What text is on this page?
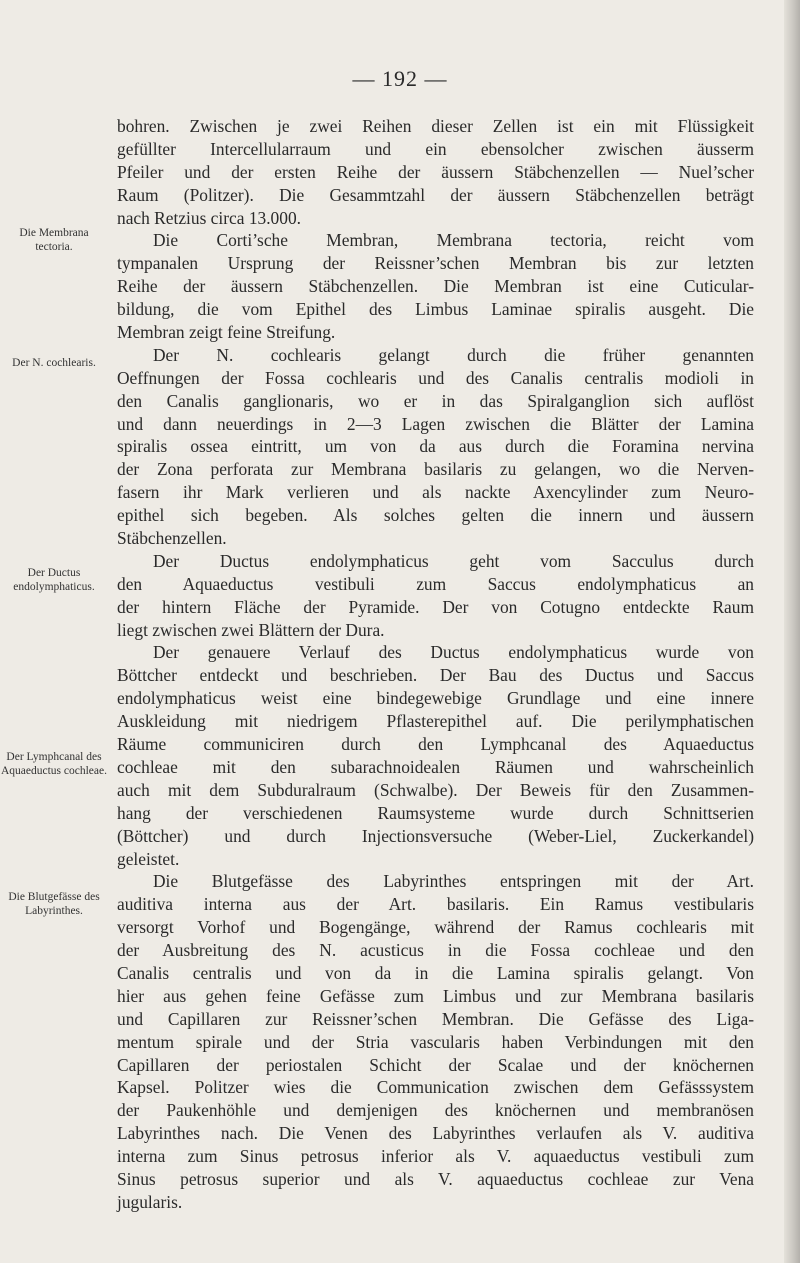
— 192 —
Die Membrana tectoria.
Der N. cochlearis.
Der Ductus endolymphaticus.
Der Lymphcanal des Aquaeductus cochleae.
Die Blutgefässe des Labyrinthes.
bohren. Zwischen je zwei Reihen dieser Zellen ist ein mit Flüssigkeit
gefüllter Intercellularraum und ein ebensolcher zwischen äusserm
Pfeiler und der ersten Reihe der äussern Stäbchenzellen — Nuel’scher
Raum (Politzer). Die Gesammtzahl der äussern Stäbchenzellen beträgt
nach Retzius circa 13.000.
Die Corti’sche Membran, Membrana tectoria, reicht vom
tympanalen Ursprung der Reissner’schen Membran bis zur letzten
Reihe der äussern Stäbchenzellen. Die Membran ist eine Cuticular-
bildung, die vom Epithel des Limbus Laminae spiralis ausgeht. Die
Membran zeigt feine Streifung.
Der N. cochlearis gelangt durch die früher genannten
Oeffnungen der Fossa cochlearis und des Canalis centralis modioli in
den Canalis ganglionaris, wo er in das Spiralganglion sich auflöst
und dann neuerdings in 2—3 Lagen zwischen die Blätter der Lamina
spiralis ossea eintritt, um von da aus durch die Foramina nervina
der Zona perforata zur Membrana basilaris zu gelangen, wo die Nerven-
fasern ihr Mark verlieren und als nackte Axencylinder zum Neuro-
epithel sich begeben. Als solches gelten die innern und äussern
Stäbchenzellen.
Der Ductus endolymphaticus geht vom Sacculus durch
den Aquaeductus vestibuli zum Saccus endolymphaticus an
der hintern Fläche der Pyramide. Der von Cotugno entdeckte Raum
liegt zwischen zwei Blättern der Dura.
Der genauere Verlauf des Ductus endolymphaticus wurde von
Böttcher entdeckt und beschrieben. Der Bau des Ductus und Saccus
endolymphaticus weist eine bindegewebige Grundlage und eine innere
Auskleidung mit niedrigem Pflasterepithel auf. Die perilymphatischen
Räume communiciren durch den Lymphcanal des Aquaeductus
cochleae mit den subarachnoidealen Räumen und wahrscheinlich
auch mit dem Subduralraum (Schwalbe). Der Beweis für den Zusammen-
hang der verschiedenen Raumsysteme wurde durch Schnittserien
(Böttcher) und durch Injectionsversuche (Weber-Liel, Zuckerkandel)
geleistet.
Die Blutgefässe des Labyrinthes entspringen mit der Art.
auditiva interna aus der Art. basilaris. Ein Ramus vestibularis
versorgt Vorhof und Bogengänge, während der Ramus cochlearis mit
der Ausbreitung des N. acusticus in die Fossa cochleae und den
Canalis centralis und von da in die Lamina spiralis gelangt. Von
hier aus gehen feine Gefässe zum Limbus und zur Membrana basilaris
und Capillaren zur Reissner’schen Membran. Die Gefässe des Liga-
mentum spirale und der Stria vascularis haben Verbindungen mit den
Capillaren der periostalen Schicht der Scalae und der knöchernen
Kapsel. Politzer wies die Communication zwischen dem Gefässsystem
der Paukenhöhle und demjenigen des knöchernen und membranösen
Labyrinthes nach. Die Venen des Labyrinthes verlaufen als V. auditiva
interna zum Sinus petrosus inferior als V. aquaeductus vestibuli zum
Sinus petrosus superior und als V. aquaeductus cochleae zur Vena
jugularis.
